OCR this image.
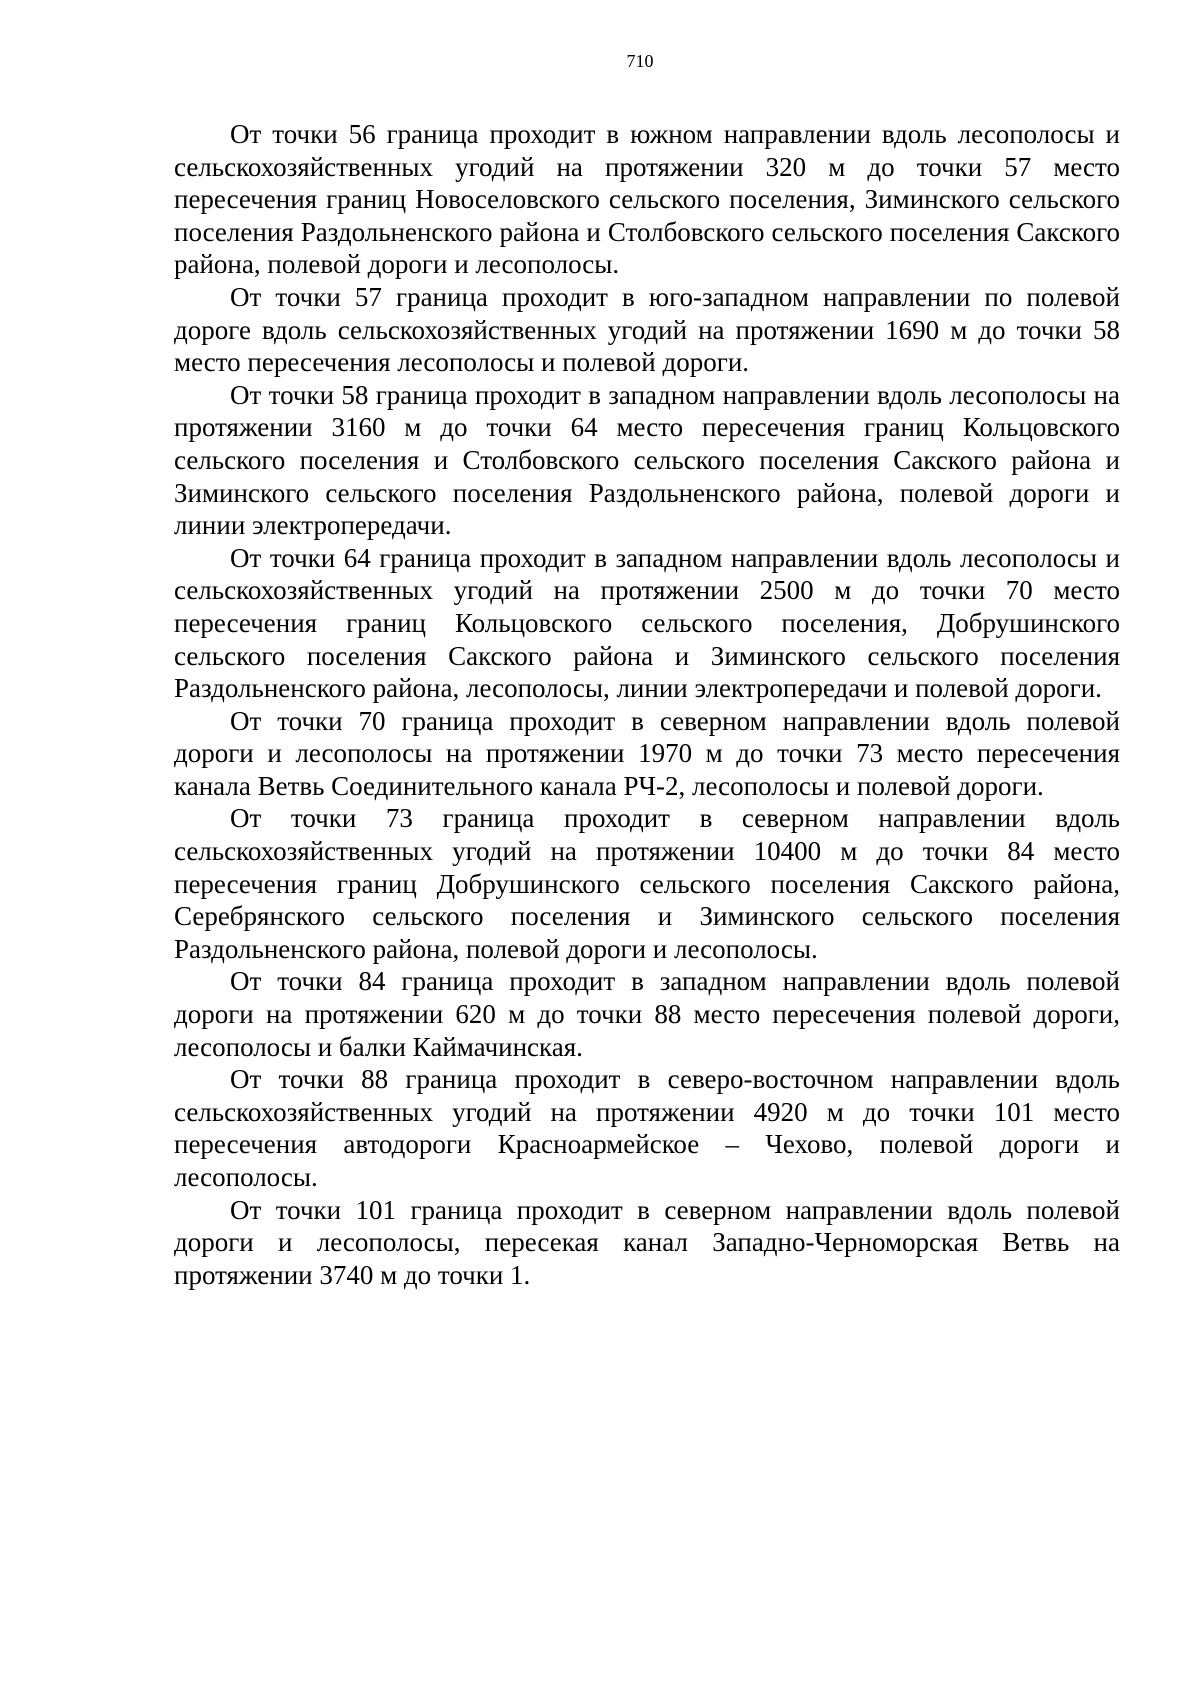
710

От точки 56 граница проходит в южном направлении вдоль лесополосы и сельскохозяйственных угодий на протяжении 320 м до точки 57 место пересечения границ Новоселовского сельского поселения, Зиминского сельского поселения Раздольненского района и Столбовского сельского поселения Сакского района, полевой дороги и лесополосы.

От точки 57 граница проходит в юго-западном направлении по полевой дороге вдоль сельскохозяйственных угодий на протяжении 1690 м до точки 58 место пересечения лесополосы и полевой дороги.

От точки 58 граница проходит в западном направлении вдоль лесополосы на протяжении 3160 м до точки 64 место пересечения границ Кольцовского сельского поселения и Столбовского сельского поселения Сакского района и Зиминского сельского поселения Раздольненского района, полевой дороги и линии электропередачи.

От точки 64 граница проходит в западном направлении вдоль лесополосы и сельскохозяйственных угодий на протяжении 2500 м до точки 70 место пересечения границ Кольцовского сельского поселения, Добрушинского сельского поселения Сакского района и Зиминского сельского поселения Раздольненского района, лесополосы, линии электропередачи и полевой дороги.

От точки 70 граница проходит в северном направлении вдоль полевой дороги и лесополосы на протяжении 1970 м до точки 73 место пересечения канала Ветвь Соединительного канала РЧ-2, лесополосы и полевой дороги.

От точки 73 граница проходит в северном направлении вдоль сельскохозяйственных угодий на протяжении 10400 м до точки 84 место пересечения границ Добрушинского сельского поселения Сакского района, Серебрянского сельского поселения и Зиминского сельского поселения Раздольненского района, полевой дороги и лесополосы.

От точки 84 граница проходит в западном направлении вдоль полевой дороги на протяжении 620 м до точки 88 место пересечения полевой дороги, лесополосы и балки Каймачинская.

От точки 88 граница проходит в северо-восточном направлении вдоль сельскохозяйственных угодий на протяжении 4920 м до точки 101 место пересечения автодороги Красноармейское – Чехово, полевой дороги и лесополосы.

От точки 101 граница проходит в северном направлении вдоль полевой дороги и лесополосы, пересекая канал Западно-Черноморская Ветвь на протяжении 3740 м до точки 1.
